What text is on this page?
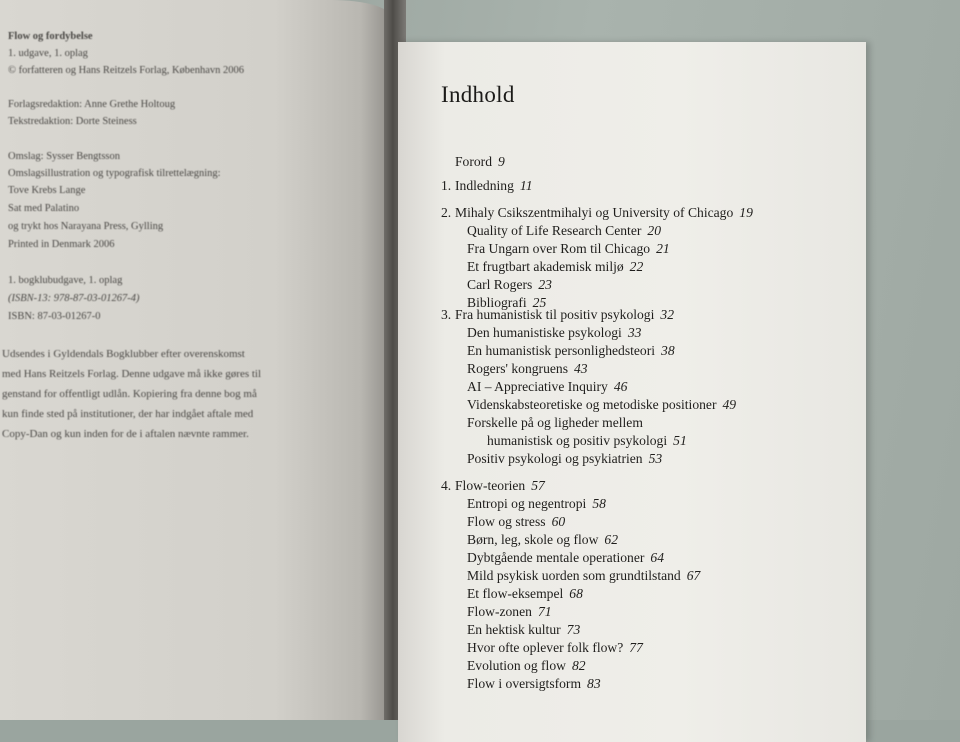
Flow og fordybelse
1. udgave, 1. oplag
© forfatteren og Hans Reitzels Forlag, København 2006
Forlagsredaktion: Anne Grethe Holtoug
Tekstredaktion: Dorte Steiness
Omslag: Sysser Bengtsson
Omslagsillustration og typografisk tilrettelægning:
Tove Krebs Lange
Sat med Palatino
og trykt hos Narayana Press, Gylling
Printed in Denmark 2006
1. bogklubudgave, 1. oplag
(ISBN-13: 978-87-03-01267-4)
ISBN: 87-03-01267-0
Udsendes i Gyldendals Bogklubber efter overenskomst
med Hans Reitzels Forlag. Denne udgave må ikke gøres til
genstand for offentligt udlån. Kopiering fra denne bog må
kun finde sted på institutioner, der har indgået aftale med
Copy-Dan og kun inden for de i aftalen nævnte rammer.
Indhold
Forord 9
1. Indledning 11
2. Mihaly Csikszentmihalyi og University of Chicago 19
Quality of Life Research Center 20
Fra Ungarn over Rom til Chicago 21
Et frugtbart akademisk miljø 22
Carl Rogers 23
Bibliografi 25
3. Fra humanistisk til positiv psykologi 32
Den humanistiske psykologi 33
En humanistisk personlighedsteori 38
Rogers' kongruens 43
AI – Appreciative Inquiry 46
Videnskabsteoretiske og metodiske positioner 49
Forskelle på og ligheder mellem
humanistisk og positiv psykologi 51
Positiv psykologi og psykiatrien 53
4. Flow-teorien 57
Entropi og negentropi 58
Flow og stress 60
Børn, leg, skole og flow 62
Dybtgående mentale operationer 64
Mild psykisk uorden som grundtilstand 67
Et flow-eksempel 68
Flow-zonen 71
En hektisk kultur 73
Hvor ofte oplever folk flow? 77
Evolution og flow 82
Flow i oversigtsform 83
